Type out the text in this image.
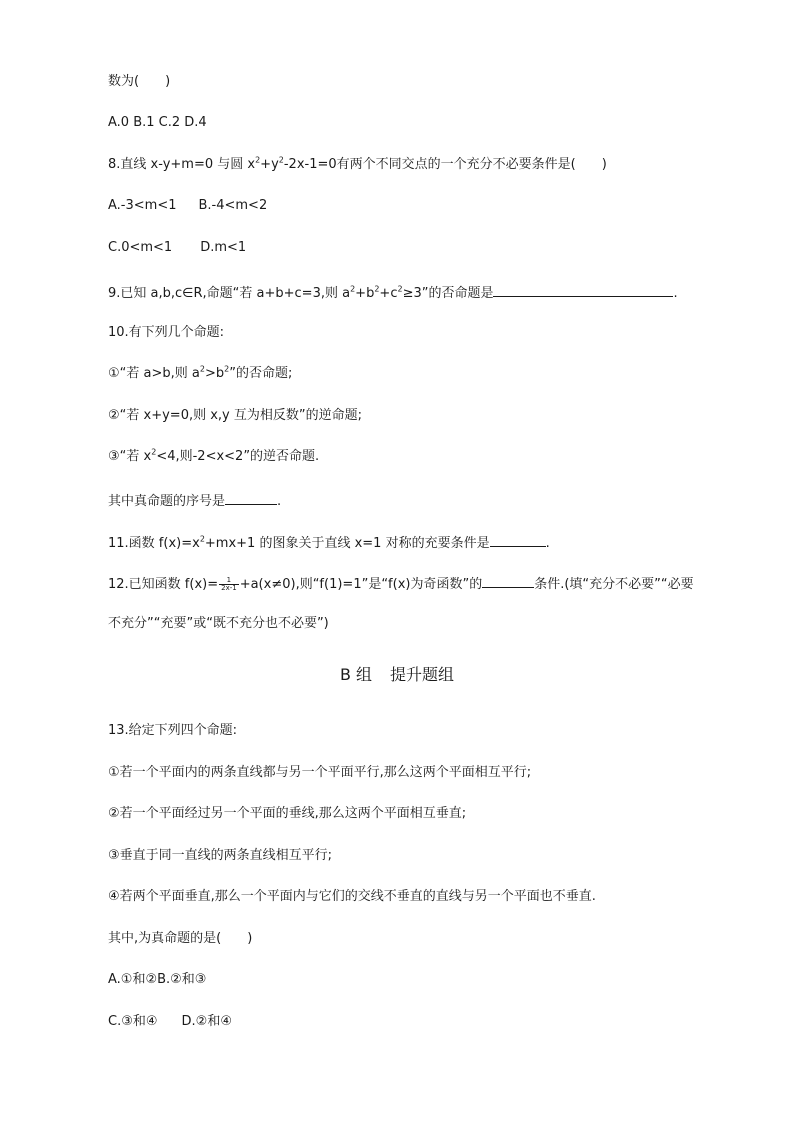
数为(　　)
A.0 B.1 C.2 D.4
8.直线 x-y+m=0 与圆 $x^2+y^2-2x-1=0$有两个不同交点的一个充分不必要条件是(　　)
A.-3<m<1 B.-4<m<2
C.0<m<1 D.m<1
9.已知 a,b,c∈R,命题“若 a+b+c=3,则 $a^2+b^2+c^2\ge 3$”的否命题是	.
10.有下列几个命题:
①“若 a>b,则 $a^2>b^2$”的否命题;
②“若 x+y=0,则 x,y 互为相反数”的逆命题;
③“若 $x^2<4$,则-2<x<2”的逆否命题.
其中真命题的序号是	.
11.函数 $f(x)=x^2+mx+1$ 的图象关于直线 x=1 对称的充要条件是	.
12.已知函数 $f(x)= \frac{1}{2x-1} +a(x\ne 0)$,则“f(1)=1”是“f(x)为奇函数”的	条件.(填“充分不必要”“必要
不充分”“充要”或“既不充分也不必要”)
B 组 提升题组
13.给定下列四个命题:
①若一个平面内的两条直线都与另一个平面平行,那么这两个平面相互平行;
②若一个平面经过另一个平面的垂线,那么这两个平面相互垂直;
③垂直于同一直线的两条直线相互平行;
④若两个平面垂直,那么一个平面内与它们的交线不垂直的直线与另一个平面也不垂直.
其中,为真命题的是(　　)
A.①和②B.②和③
C.③和④ D.②和④
